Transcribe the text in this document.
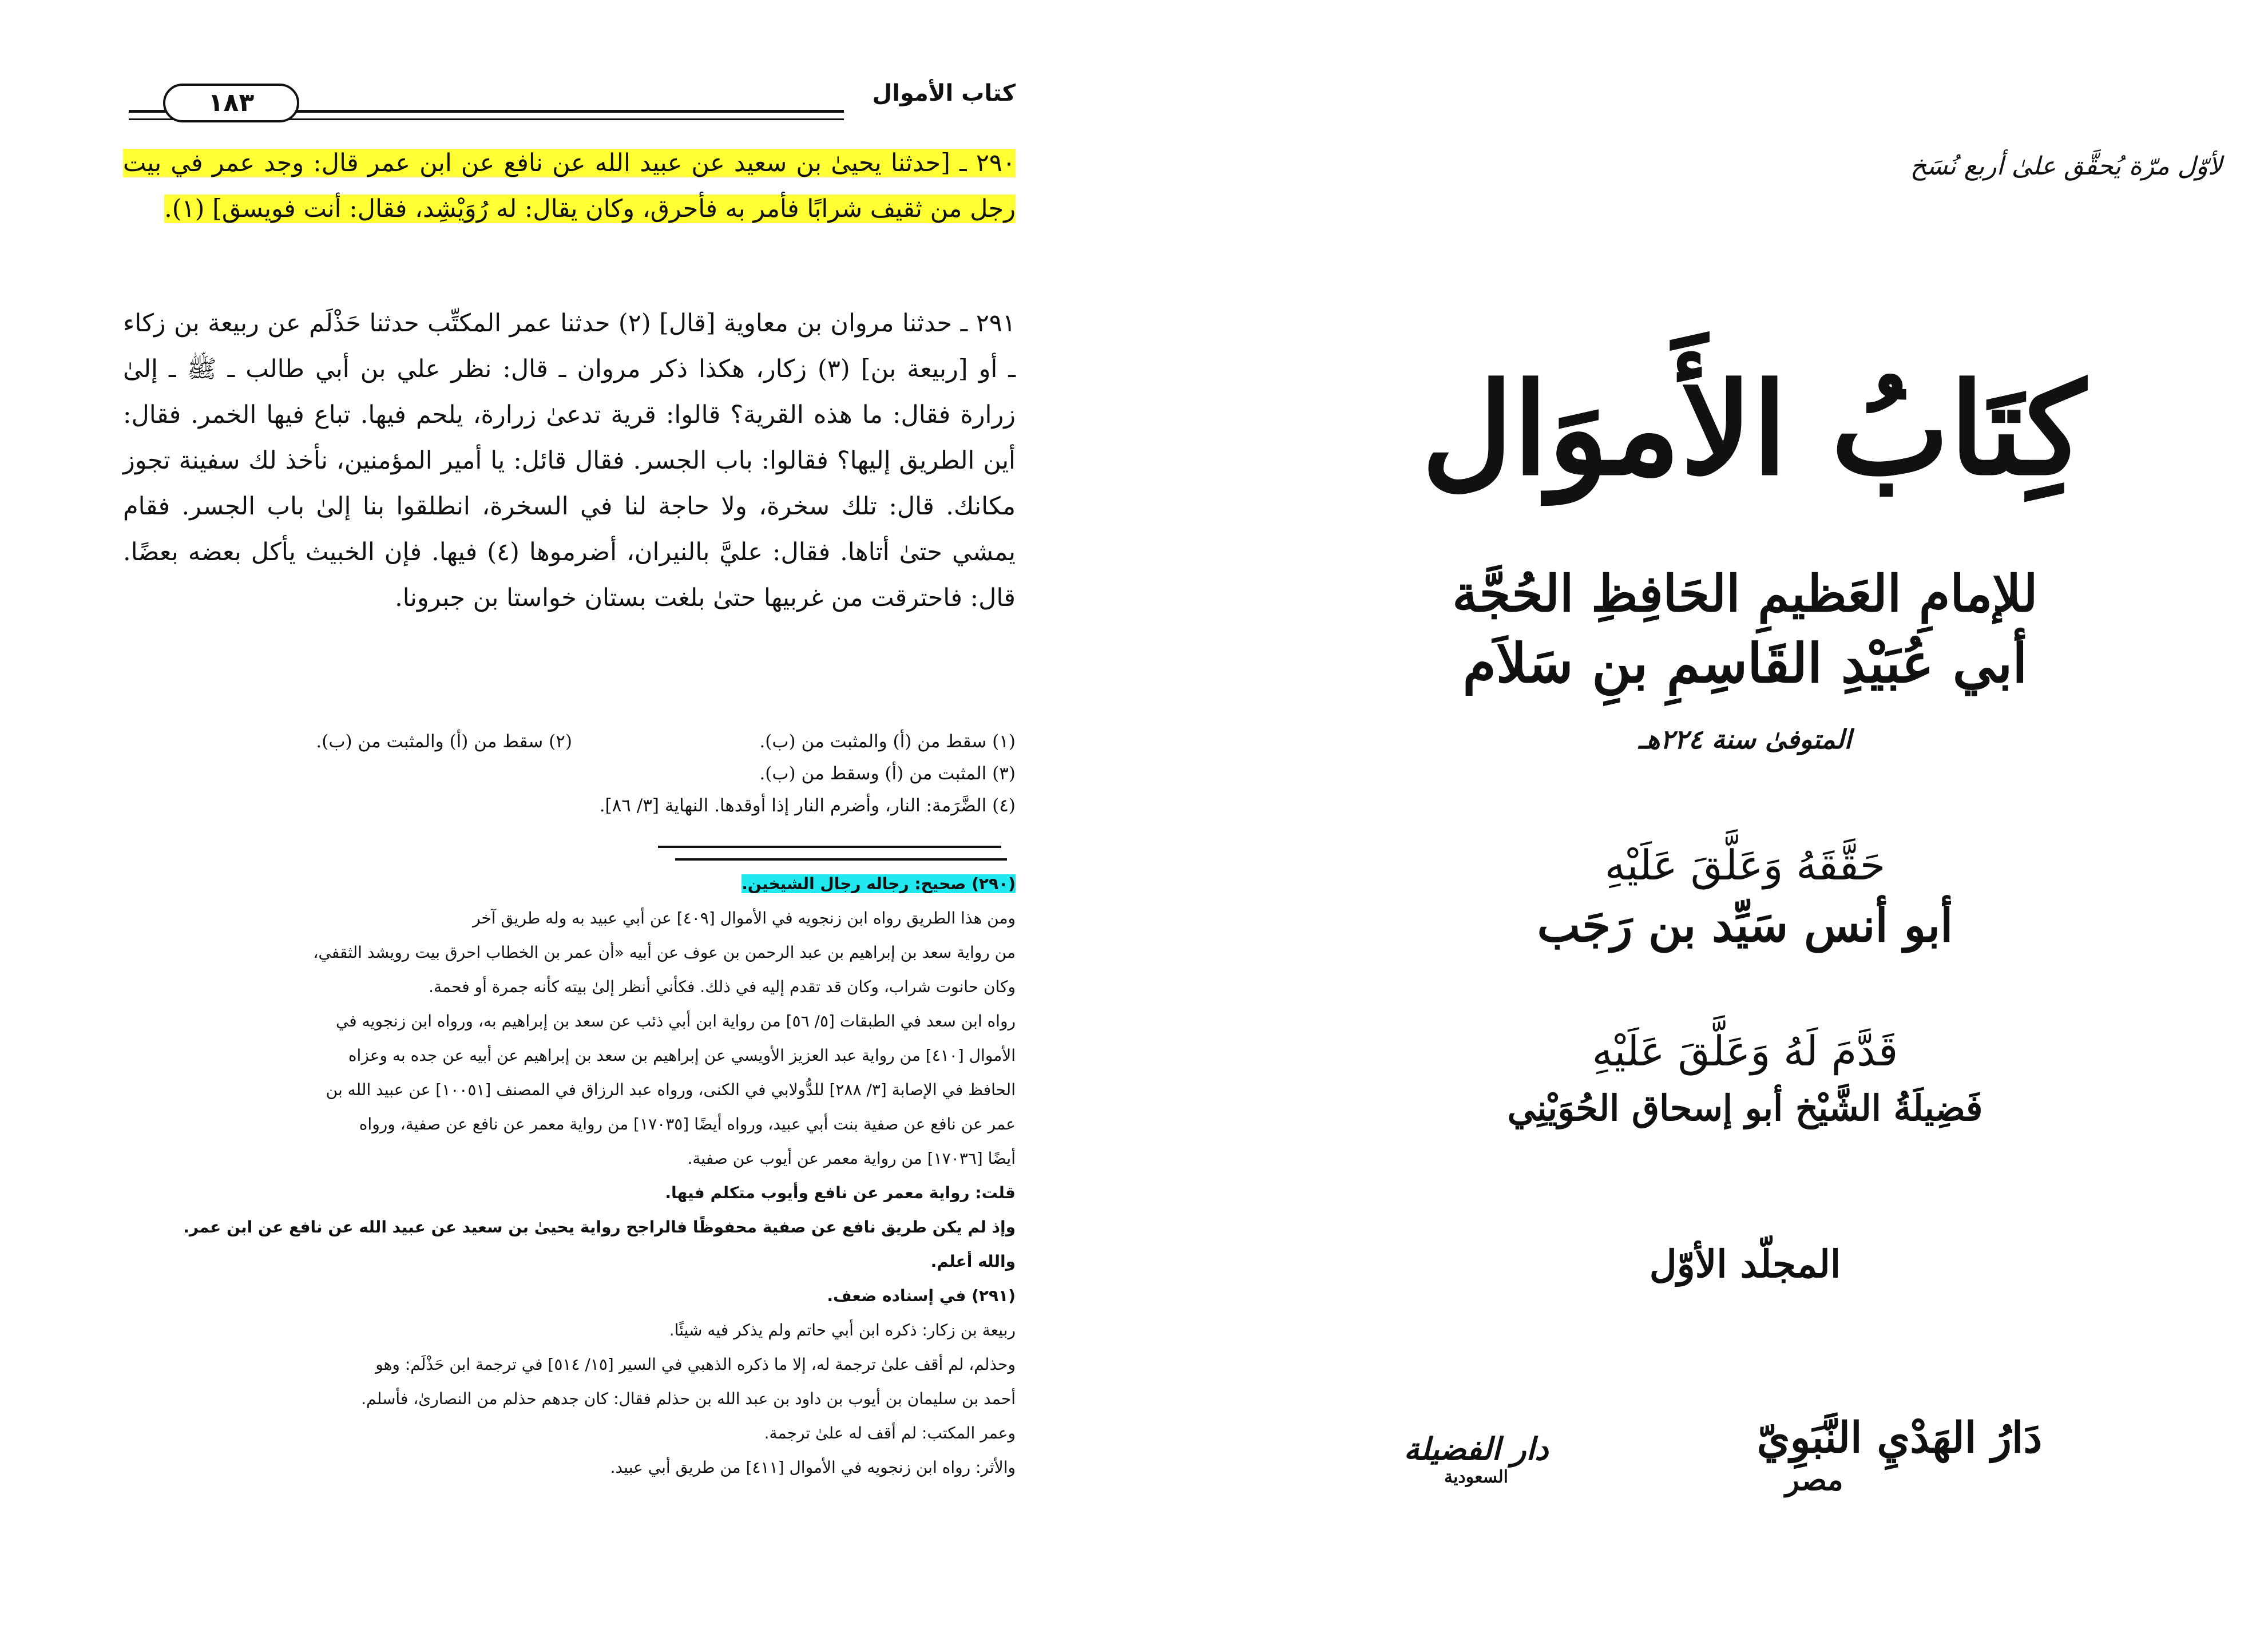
كتاب الأموال
١٨٣
٢٩٠ ـ [حدثنا يحيىٰ بن سعيد عن عبيد الله عن نافع عن ابن عمر قال: وجد عمر في بيت رجل من ثقيف شرابًا فأمر به فأحرق، وكان يقال: له رُوَيْشِد، فقال: أنت فويسق] (١).
٢٩١ ـ حدثنا مروان بن معاوية [قال] (٢) حدثنا عمر المكتِّب حدثنا حَذْلَم عن ربيعة بن زكاء ـ أو [ربيعة بن] (٣) زكار، هكذا ذكر مروان ـ قال: نظر علي بن أبي طالب ـ ﷺ ـ إلىٰ زرارة فقال: ما هذه القرية؟ قالوا: قرية تدعىٰ زرارة، يلحم فيها. تباع فيها الخمر. فقال: أين الطريق إليها؟ فقالوا: باب الجسر. فقال قائل: يا أمير المؤمنين، نأخذ لك سفينة تجوز مكانك. قال: تلك سخرة، ولا حاجة لنا في السخرة، انطلقوا بنا إلىٰ باب الجسر. فقام يمشي حتىٰ أتاها. فقال: عليَّ بالنيران، أضرموها (٤) فيها. فإن الخبيث يأكل بعضه بعضًا. قال: فاحترقت من غربيها حتىٰ بلغت بستان خواستا بن جبرونا.
(١) سقط من (أ) والمثبت من (ب).
(٢) سقط من (أ) والمثبت من (ب).
(٣) المثبت من (أ) وسقط من (ب).
(٤) الضَّرَمة: النار، وأضرم النار إذا أوقدها. النهاية [٣/ ٨٦].
(٢٩٠) صحيح: رجاله رجال الشيخين.
ومن هذا الطريق رواه ابن زنجويه في الأموال [٤٠٩] عن أبي عبيد به وله طريق آخر
من رواية سعد بن إبراهيم بن عبد الرحمن بن عوف عن أبيه «أن عمر بن الخطاب احرق بيت رويشد الثقفي،
وكان حانوت شراب، وكان قد تقدم إليه في ذلك. فكأني أنظر إلىٰ بيته كأنه جمرة أو فحمة.
رواه ابن سعد في الطبقات [٥/ ٥٦] من رواية ابن أبي ذئب عن سعد بن إبراهيم به، ورواه ابن زنجويه في
الأموال [٤١٠] من رواية عبد العزيز الأويسي عن إبراهيم بن سعد بن إبراهيم عن أبيه عن جده به وعزاه
الحافظ في الإصابة [٣/ ٢٨٨] للدُّولابي في الكنى، ورواه عبد الرزاق في المصنف [١٠٠٥١] عن عبيد الله بن
عمر عن نافع عن صفية بنت أبي عبيد، ورواه أيضًا [١٧٠٣٥] من رواية معمر عن نافع عن صفية، ورواه
أيضًا [١٧٠٣٦] من رواية معمر عن أيوب عن صفية.
قلت: رواية معمر عن نافع وأيوب متكلم فيها.
وإذ لم يكن طريق نافع عن صفية محفوظًا فالراجح رواية يحيىٰ بن سعيد عن عبيد الله عن نافع عن ابن عمر.
والله أعلم.
(٢٩١) في إسناده ضعف.
ربيعة بن زكار: ذكره ابن أبي حاتم ولم يذكر فيه شيئًا.
وحذلم، لم أقف علىٰ ترجمة له، إلا ما ذكره الذهبي في السير [١٥/ ٥١٤] في ترجمة ابن حَذْلَم: وهو
أحمد بن سليمان بن أيوب بن داود بن عبد الله بن حذلم فقال: كان جدهم حذلم من النصارىٰ، فأسلم.
وعمر المكتب: لم أقف له علىٰ ترجمة.
والأثر: رواه ابن زنجويه في الأموال [٤١١] من طريق أبي عبيد.
لأوّل مرّة يُحقَّق علىٰ أربع نُسَخ
كِتَابُ الأَموَال
للإمامِ العَظيمِ الحَافِظِ الحُجَّة
أبي عُبَيْدِ القَاسِمِ بنِ سَلاَم
المتوفىٰ سنة ٢٢٤هـ
حَقَّقَهُ وَعَلَّقَ عَلَيْهِ
أبو أنس سَيِّد بن رَجَب
قَدَّمَ لَهُ وَعَلَّقَ عَلَيْهِ
فَضِيلَةُ الشَّيْخ أبو إسحاق الحُوَيْنِي
المجلّد الأوّل
دَارُ الهَدْيِ النَّبَوِيّ
مصر
دار الفضيلة
السعودية
